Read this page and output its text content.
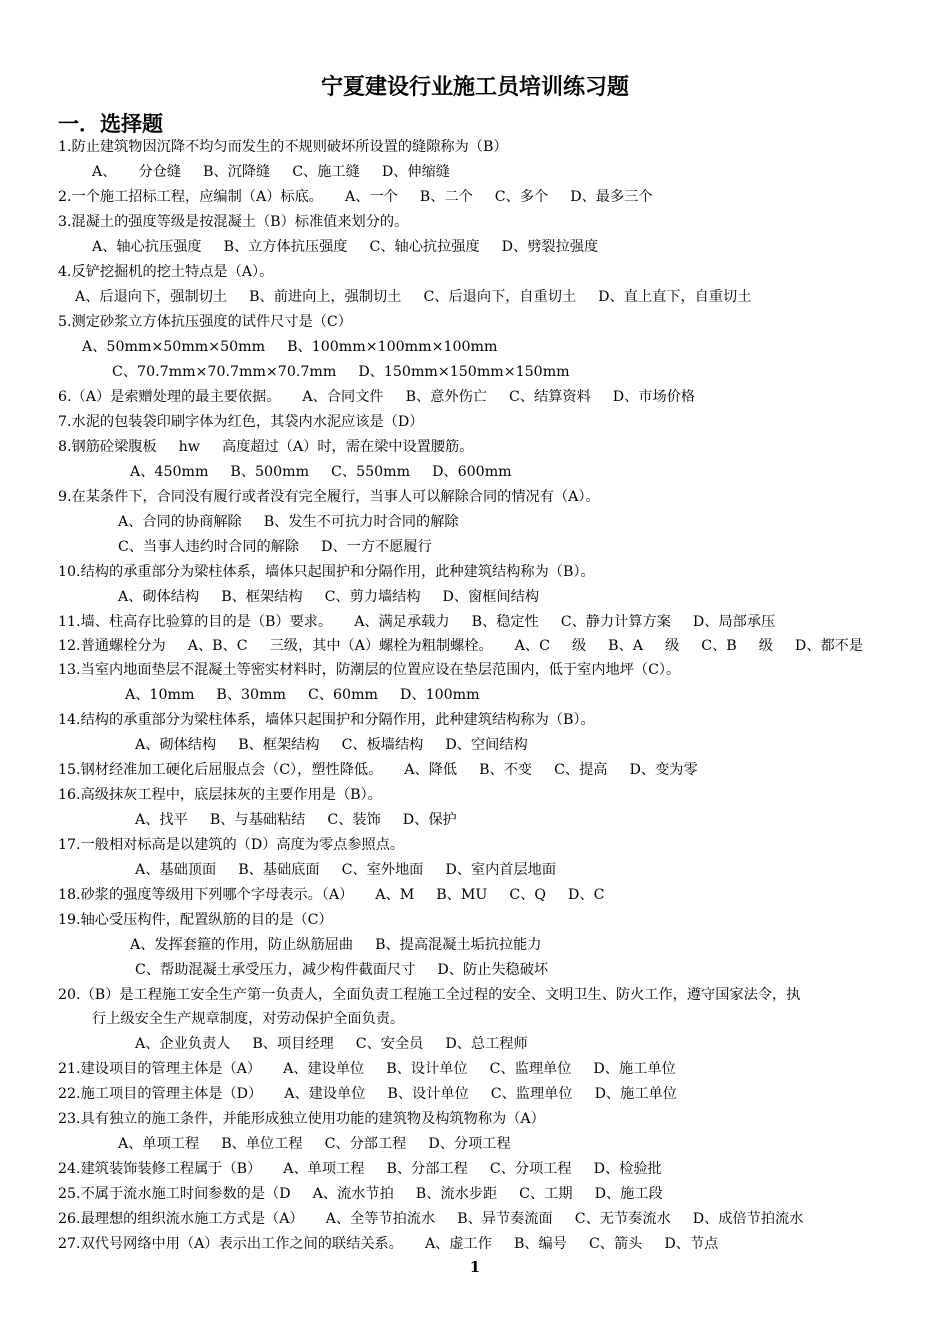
宁夏建设行业施工员培训练习题
一．选择题
1.防止建筑物因沉降不均匀而发生的不规则破坏所设置的缝隙称为（B）
A、 分仓缝 B、沉降缝 C、施工缝 D、伸缩缝
2.一个施工招标工程，应编制（A）标底。 A、一个 B、二个 C、多个 D、最多三个
3.混凝土的强度等级是按混凝土（B）标准值来划分的。
A、轴心抗压强度 B、立方体抗压强度 C、轴心抗拉强度 D、劈裂拉强度
4.反铲挖掘机的挖土特点是（A）。
A、后退向下，强制切土 B、前进向上，强制切土 C、后退向下，自重切土 D、直上直下，自重切土
5.测定砂浆立方体抗压强度的试件尺寸是（C）
A、50mm×50mm×50mm B、100mm×100mm×100mm
C、70.7mm×70.7mm×70.7mm D、150mm×150mm×150mm
6.（A）是索赠处理的最主要依据。 A、合同文件 B、意外伤亡 C、结算资料 D、市场价格
7.水泥的包装袋印刷字体为红色，其袋内水泥应该是（D）
8.钢筋砼梁腹板 hw 高度超过（A）时，需在梁中设置腰筋。
A、450mm B、500mm C、550mm D、600mm
9.在某条件下，合同没有履行或者没有完全履行，当事人可以解除合同的情况有（A）。
A、合同的协商解除 B、发生不可抗力时合同的解除
C、当事人违约时合同的解除 D、一方不愿履行
10.结构的承重部分为梁柱体系，墙体只起围护和分隔作用，此种建筑结构称为（B）。
A、砌体结构 B、框架结构 C、剪力墙结构 D、窗框间结构
11.墙、柱高存比验算的目的是（B）要求。 A、满足承载力 B、稳定性 C、静力计算方案 D、局部承压
12.普通螺栓分为 A、B、C 三级，其中（A）螺栓为粗制螺栓。 A、C 级 B、A 级 C、B 级 D、都不是
13.当室内地面垫层不混凝土等密实材料时，防潮层的位置应设在垫层范围内，低于室内地坪（C）。
A、10mm B、30mm C、60mm D、100mm
14.结构的承重部分为梁柱体系，墙体只起围护和分隔作用，此种建筑结构称为（B）。
A、砌体结构 B、框架结构 C、板墙结构 D、空间结构
15.钢材经准加工硬化后屈服点会（C），塑性降低。 A、降低 B、不变 C、提高 D、变为零
16.高级抹灰工程中，底层抹灰的主要作用是（B）。
A、找平 B、与基础粘结 C、装饰 D、保护
17.一般相对标高是以建筑的（D）高度为零点参照点。
A、基础顶面 B、基础底面 C、室外地面 D、室内首层地面
18.砂浆的强度等级用下列哪个字母表示。（A） A、M B、MU C、Q D、C
19.轴心受压构件，配置纵筋的目的是（C）
A、发挥套箍的作用，防止纵筋屈曲 B、提高混凝土垢抗拉能力
C、帮助混凝土承受压力，减少构件截面尺寸 D、防止失稳破坏
20.（B）是工程施工安全生产第一负责人，全面负责工程施工全过程的安全、文明卫生、防火工作，遵守国家法令，执
行上级安全生产规章制度，对劳动保护全面负责。
A、企业负责人 B、项目经理 C、安全员 D、总工程师
21.建设项目的管理主体是（A） A、建设单位 B、设计单位 C、监理单位 D、施工单位
22.施工项目的管理主体是（D） A、建设单位 B、设计单位 C、监理单位 D、施工单位
23.具有独立的施工条件，并能形成独立使用功能的建筑物及构筑物称为（A）
A、单项工程 B、单位工程 C、分部工程 D、分项工程
24.建筑装饰装修工程属于（B） A、单项工程 B、分部工程 C、分项工程 D、检验批
25.不属于流水施工时间参数的是（D A、流水节拍 B、流水步距 C、工期 D、施工段
26.最理想的组织流水施工方式是（A） A、全等节拍流水 B、异节奏流面 C、无节奏流水 D、成倍节拍流水
27.双代号网络中用（A）表示出工作之间的联结关系。 A、虚工作 B、编号 C、箭头 D、节点
1
